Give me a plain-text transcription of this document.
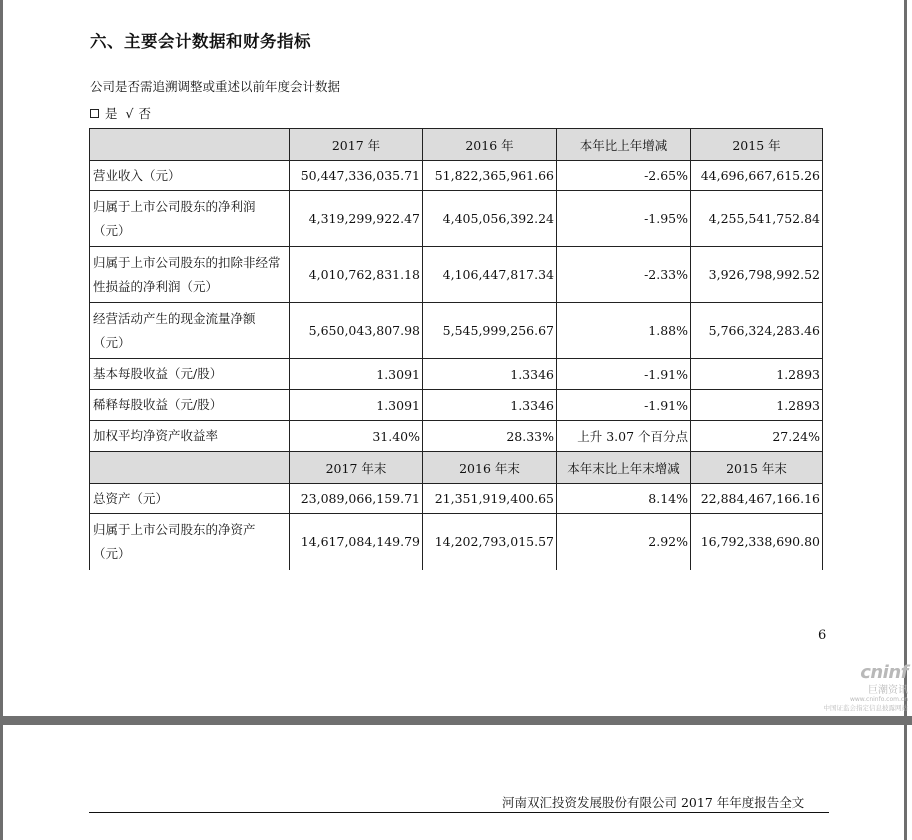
六、主要会计数据和财务指标
公司是否需追溯调整或重述以前年度会计数据
是 √ 否
	2017 年	2016 年	本年比上年增减	2015 年
营业收入（元）	50,447,336,035.71	51,822,365,961.66	-2.65%	44,696,667,615.26
归属于上市公司股东的净利润（元）	4,319,299,922.47	4,405,056,392.24	-1.95%	4,255,541,752.84
归属于上市公司股东的扣除非经常性损益的净利润（元）	4,010,762,831.18	4,106,447,817.34	-2.33%	3,926,798,992.52
经营活动产生的现金流量净额（元）	5,650,043,807.98	5,545,999,256.67	1.88%	5,766,324,283.46
基本每股收益（元/股）	1.3091	1.3346	-1.91%	1.2893
稀释每股收益（元/股）	1.3091	1.3346	-1.91%	1.2893
加权平均净资产收益率	31.40%	28.33%	上升 3.07 个百分点	27.24%
	2017 年末	2016 年末	本年末比上年末增减	2015 年末
总资产（元）	23,089,066,159.71	21,351,919,400.65	8.14%	22,884,467,166.16
归属于上市公司股东的净资产（元）	14,617,084,149.79	14,202,793,015.57	2.92%	16,792,338,690.80
6
cninf
巨潮资讯
www.cninfo.com.cn
中国证监会指定信息披露网站
河南双汇投资发展股份有限公司 2017 年年度报告全文
